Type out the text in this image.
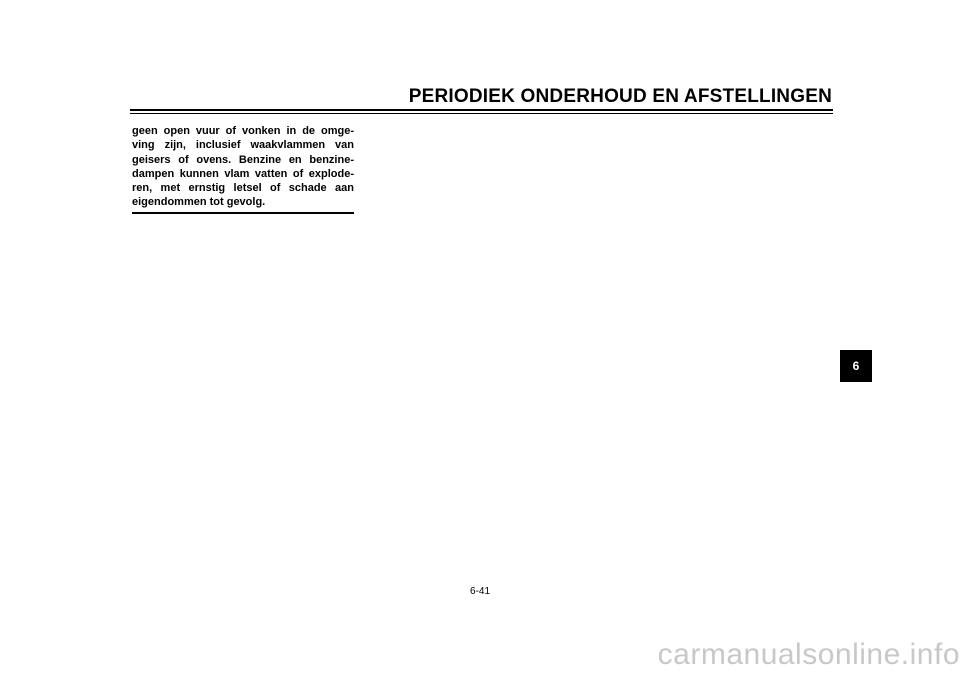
PERIODIEK ONDERHOUD EN AFSTELLINGEN

geen open vuur of vonken in de omge-
ving zijn, inclusief waakvlammen van
geisers of ovens. Benzine en benzine-
dampen kunnen vlam vatten of explode-
ren, met ernstig letsel of schade aan
eigendommen tot gevolg.

6
6-41
carmanualsonline.info
